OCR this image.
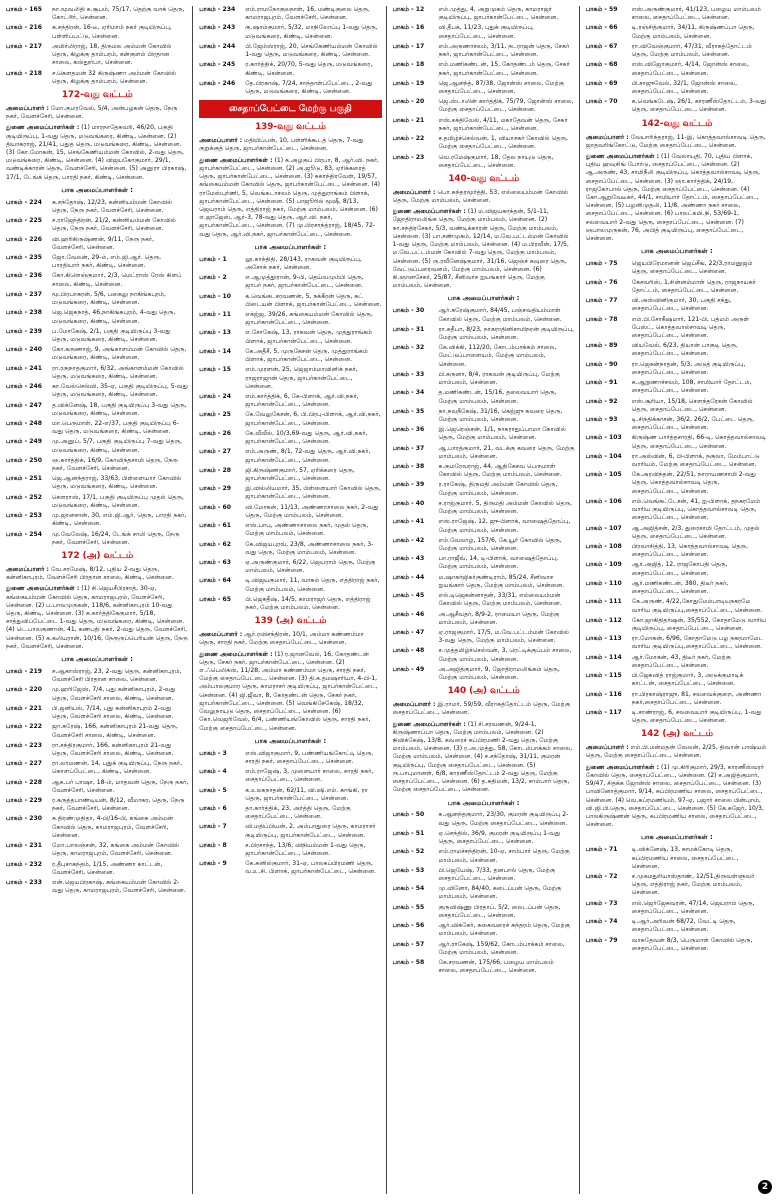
பாகம் - 165	நா.மூவலிதி சு.சூபம், 75/17, தெற்கு வாக் தெரு, கோட்டூர், சென்னை.
பாகம் - 216	க.சந்திரன், 16-டீ, ஏரிமாம் நகர் குடியிருப்பு, பள்ளிப்பட்டு, சென்னை.
பாகம் - 217	அமிர்லிராஜ், 18, திருமல அம்மன் கோவில் தெரு, கிழக்கு தாம்பரம், கன்குளம் பிரதான சாலை, கஸ்தூர்பா, சென்னை.
பாகம் - 218	ச.கௌதமன் 32 கிருஷ்ணா அம்மன் கோவில் தெரு, கிழக்கு தாம்பரம், சென்னை.
172-வது வட்டம்
அமைப்பாளர் : மோ.குமரவேல், 5/4, அன்பழகன் தெரு, நேரு நகர், வேளச்சேரி, சென்னை.
துணை அமைப்பாளர்கள் : (1) மாரநாதேசுவரி, 46/20, பகுதி குடியிருப்பு, 1-வது தெரு, மடுவங்கரை, கிண்டி, சென்னை. (2) தியாகராஜ், 21/41, பதுத தெரு, மடுவங்கரை, கிண்டி, சென்னை. (3) கோ.மோகன், 15, செங்கேணியம்மன் கோவில், 2-வது தெரு, மடுவங்கரை, கிண்டி, சென்னை. (4) விஜயகோகுமார், 29/1, வண்டிக்காரன் தெரு, வேளச்சேரி, சென்னை. (5) அனுரா பிரகாஷ், 17/1, டேங்க் தெரு, பாரதி நகர், கிண்டி, சென்னை.
பாக அமைப்பாளர்கள் :
பாகம் - 224	க.சந்தோஷ், 12/23, கன்னியம்மன் கோவில் தெரு, நேரு நகர், வேளச்சேரி, சென்னை.
பாகம் - 225	ச.ராஜேந்திரன், 21/2, கன்னியம்மன் கோவில் தெரு, நேரு நகர், வேளச்சேரி, சென்னை.
பாகம் - 226	வி.ஹரிகிருஷ்ணன், 9/11, நேரு நகர், வேளச்சேரி, சென்னை.
பாகம் - 235	ஜோ.வேலன், 29-ம், எம்.ஜி.ஆர். தெரு, பாரதியார் நகர், கிண்டி, சென்னை.
பாகம் - 236	கோ.கிளெஞ்குமார், 2/3, மெட்ராஸ் ரேஸ் கிளப் சாலை, கிண்டி, சென்னை.
பாகம் - 237	மூ.பிரபாகரன், 5/6, பகைலு நாகிங்கபுரம், மடுவங்கரை, கிண்டி, சென்னை.
பாகம் - 238	ஜெ.ஜெகநாத், 46,நாகிங்கபுரம், 4-வது தெரு, மடுவங்கரை, கிண்டி, சென்னை.
பாகம் - 239	ப.மோகேஷ், 2/1, பகுதி குடியிருப்பு 3-வது தெரு, மடுவங்கரை, கிண்டி, சென்னை.
பாகம் - 240	கோ.கருணாஜ், 9, அங்காளம்மன் கோவில் தெரு, மடுவங்கரை, கிண்டி, சென்னை.
பாகம் - 241	ரா.ரகுநாதகுமார், 6/32, அங்காளம்மன் கோவில் தெரு, மடுவங்கரை, கிண்டி, சென்னை.
பாகம் - 246	கா.வேல்செல்வி, 35-ஏ, பகுதி குடியிருப்பு, 5-வது தெரு, மடுவங்கரை, கிண்டி, சென்னை.
பாகம் - 247	த.விக்னேஷ், 18, பகுதி குடியிருப்பு 3-வது தெரு, மடுவங்கரை, கிண்டி, சென்னை.
பாகம் - 248	மா.பெருமாள், 22-எ/37, பகுதி குடியிருப்பு 6-வது தெரு, மடுவங்கரை, கிண்டி, சென்னை.
பாகம் - 249	மு.அனுப், 5/7, பகுதி குடியிருப்பு 7-வது தெரு, மடுவங்கரை, கிண்டி, சென்னை.
பாகம் - 250	ஞ.கார்த்திக், 16/9, கோவிந்தசாமி தெரு, நேரு நகர், வேளச்சேரி, சென்னை.
பாகம் - 251	ஜெ.ஆனந்தராஜ், 33/63, பிள்ளையார் கோவில் தெரு, மடுவங்கரை, கிண்டி, சென்னை.
பாகம் - 252	சௌராஸ், 17/1, பகுதி குடியிருப்பு முதல் தெரு, மடுவங்கரை, கிண்டி, சென்னை.
பாகம் - 253	மு.ஜானசான், 30, எம்.ஜி.ஆர். தெரு, பாரதி நகர், கிண்டி, சென்னை.
பாகம் - 254	மு.வேலேஷ், 16/24, டேங்க் சாலி தெரு, நேரு நகர், வேளச்சேரி, சென்னை.
172 (அ) வட்டம்
அமைப்பாளர் : வே.சாமேஷ், 8/12, புதிய 2-வது தெரு, கன்னிகாபுரம், வேளச்சேரி பிரதான சாலை, கிண்டி, சென்னை.
துணை அமைப்பாளர்கள் : (1) சி.ஜெயசீபிரசாத், 30-ஏ, கங்கையம்மன் கோவில் தெரு, காமராஜபுரம், வேளச்சேரி, சென்னை. (2) ப.பாலமுருகன், 118/6, கன்னிகாபுரம் 10-வது தெரு, கிண்டி, சென்னை. (3) சு.கார்த்திகேகுமார், 5/18, சாத்துவிப்பேட்டை 1-வது தெரு, மடுவங்கரை, கிண்டி, சென்னை. (4) டெ.பாலகுணான், 41, கணபதி நகர், 2-வது தெரு, வேளச்சேரி, சென்னை. (5) க.கலியரான், 10/16, நேரூருப்பெரியன் தெரு, நேரு நகர், வேளச்சேரி, சென்னை.
பாக அமைப்பாளர்கள் :
பாகம் - 219	ச.ஆகாஸ்ராஜ், 23, 2-வது தெரு, கன்னிகாபுரம், வேளச்சேரி பிரதான சாலை, சென்னை.
பாகம் - 220	மு.ஹரிஜேஸ், 7/4, புது கன்னிகாபுரம், 2-வது தெரு, வேளச்சேரி சாலை, கிண்டி, சென்னை.
பாகம் - 221	பி.ஜனியல், 7/14, புது கன்னிகாபுரம் 2-வது தெரு, வேளச்சேரி சாலை, கிண்டி, சென்னை.
பாகம் - 222	ஜா.சுரேஷ், 166, கன்னிகாபுரம் 21-வது தெரு, வேளச்சேரி சாலை, கிண்டி, சென்னை.
பாகம் - 223	ரா.சந்திரகுமார், 166, கன்னிகாபுரம் 21-வது தெரு, வேளச்சேரி சாலை, கிண்டி, சென்னை.
பாகம் - 227	ரா.லாமணன், 14, புதுக் குடியிருப்பு, நேரு நகர், கொளப்பேட்டை, கிண்டி, சென்னை.
பாகம் - 228	ஆக.பர் பாஷா, 18-ம், மாதவன் தெரு, நேரு நகர், வேளச்சேரி, சென்னை.
பாகம் - 229	ர.கருத்தபாண்டியன், 8/12, வீமாகர, தெரு, நேரு நகர், வேளச்சேரி, சென்னை.
பாகம் - 230	சு.திரண்முதிதா, 4-பி/16-பி, கங்கை அம்மன் கோவில் தெரு, காமராஜபுரம், வேளச்சேரி, சென்னை.
பாகம் - 231	மோ.பாலஞ்சன், 32, கங்கை அம்மன் கோவில் தெரு, காமராஜபுரம், வேளச்சேரி, சென்னை.
பாகம் - 232	ர.தீபுசாகந்தம், 1/15, அண்ணா காட்டன், வேளச்சேரி, சென்னை.
பாகம் - 233	என்.ஜெயபிரகாஷ், கங்கையம்மன் கோவில் 2-வது தெரு, காமராஜபுரம், வேளச்சேரி, சென்னை.
பாகம் - 234	எம்.ராமநோகுலநாள், 16, மண்டிகுலை தெரு, காமராஜபுரம், வேளச்சேரி, சென்னை.
பாகம் - 243	கு.ஷாம்குமார், 5/32, மாநிலோப்பு 1-வது தெரு, மடுவங்கரை, கிண்டி, சென்னை.
பாகம் - 244	பி.ஜேம்ஸ்ராஜ், 20, செங்கேணியம்மன் கோவில் 1-வது தெரு, மடுவங்கரை, கிண்டி, சென்னை.
பாகம் - 245	ர.கார்த்திக், 20/70, 5-வது தெரு, மடுவங்கரை, கிண்டி, சென்னை.
பாகம் - 246	தே.பிரகாஷ், 7/24, சாந்தாள்ப்பேட்டை, 2-வது தெரு, மடுவங்கரை, கிண்டி, சென்னை.
சைதாப்பேட்டை மேற்கு பகுதி
139-வது வட்டம்
அமைப்பாளர் : மதியிப்பன், 10, பள்ளிக்கூடத் தெரு, 7-வது குறுக்குத் தெரு, ஜாபர்கான்பேட்டை, சென்னை.
துணை அமைப்பாளர்கள் : (1) க.அழகுப் பிரபா, 8, ஆர்.வி. நகர், ஜாபர்கான்பேட்டை, சென்னை. (2) அ.ஜூடு, 83, ஏரிக்கரைத் தெரு, ஜாபர்கான்பேட்டை, சென்னை. (3) சுகாந்திரவேள், 19/57, கங்கையம்மன் கோவில் தெரு, ஜாபர்கான்பேட்டை, சென்னை. (4) ராமேஸ்புர்ணி, 5, வெங்கடாசலம் தெரு, முத்துராங்கம் பிளாக், ஜாபர்கான்பேட்டை, சென்னை. (5) பாஜூரில் மூஷீ, 8/13, ஜெயராம் தெரு, எத்திராஜ் நகர், மேற்கு மாம்பலம், சென்னை. (6) எ.ஜாஜேஸ், ஆர்-3, 78-வது தெரு, ஆர்.வி. நகர், ஜாபர்கான்பேட்டை, சென்னை. (7) மு.பிரசாந்த்ராஜ், 18/45, 72-வது தெரு, ஆர்.வி.நகர், ஜாபர்கான்பேட்டை, சென்னை.
பாக அமைப்பாளர்கள் :
பாகம் - 1	லூ.காந்திதி, 28/143, ராகவன் குடியிருப்பு, அசோக் நகர், சென்னை.
பாகம் - 2	எ.ஆமுத்தூரான், 9-பி, தெய்வமும்பி தெரு, ஜாபர் நகர், ஜாபர்கான்பேட்டை, சென்னை.
பாகம் - 10	க.வெங்கடசரவணன், 5, நக்கீரன் தெரு, கட் பிடையன் பிளாக், ஜாபர்கான்பேட்டை, சென்னை.
பாகம் - 11	எக்ஜ்ஜ, 39/26, கங்கையம்மன் கோவில் தெரு, ஜாபர்கான்பேட்டை, சென்னை.
பாகம் - 13	எ.சோகேஷ், 13, ராகவன் தெரு, முத்துராங்கம் பிளாக், ஜாபர்கான்பேட்டை, சென்னை.
பாகம் - 14	கே.அதீசீ, 5, முருகேசன் தெரு, முத்துராங்கம் பிளாக், ஜாபர்கான்பேட்டை, சென்னை.
பாகம் - 15	எம்.முரளன், 25, ஜெஜாம்மாவினிக் நகர், ராஜராஜான் தெரு, ஜாபர்கான்பேட்டை, சென்னை.
பாகம் - 24	எம்.கார்த்திக், 6, கே-பிளாக், ஆர்.வி.நகர், ஜாபர்கான்பேட்டை, சென்னை.
பாகம் - 25	கே.வேலுகேசன், 6, பி.பிரபு-பிளாக், ஆர்.வி.நகர், ஜாபர்கான்பேட்டை, சென்னை.
பாகம் - 26	கே.வீவீல், 10/3,69-வது தெரு, ஆர்.வி.நகர், ஜாபர்கான்பேட்டை, சென்னை.
பாகம் - 27	எம்.அருண், 8/1, 72-வது தெரு, ஆர்.வி.நகர், ஜாபர்கான்பேட்டை, சென்னை.
பாகம் - 28	ஜி.கிருஷ்ணகுமார், 57, ஏரிக்கரை தெரு, ஜாபர்கான்பேட்டை, சென்னை.
பாகம் - 29	இ.வில்லியமார், 35, பிள்ளையார் கோவில் தெரு, ஜாபர்கான்பேட்டை, சென்னை.
பாகம் - 60	வி.மோகன், 11/13, அண்ணாசாலை நகர், 2-வது தெரு, மேற்கு மாம்பலம், சென்னை.
பாகம் - 61	எஸ்.பாபு, அண்ணாசாலை நகர், முதல் தெரு, மேற்கு மாம்பலம், சென்னை.
பாகம் - 62	கே.விஜயபுரவ், 23/8, அண்ணாசாலை நகர், 3-வது தெரு, மேற்கு மாம்பலம், சென்னை.
பாகம் - 63	ஏ.அருண்குமார், 6/22, ஜெயராம் தெரு, மேற்கு மாம்பலம், சென்னை.
பாகம் - 64	டி.விஜயகுமார், 11, வாகம் தெரு, எத்திராஜ் நகர், மேற்கு மாம்பலம், சென்னை.
பாகம் - 65	பி.ஜெகதீஷ், 14/5, காமராஜர் தெரு, எத்திராஜ் நகர், மேற்கு மாம்பலம், சென்னை.
139 (அ) வட்டம்
அமைப்பாளர் : ஆர்.ரவிசந்திரன், 10/1, அம்மா கண்ணம்மா தெரு, சாரதி நகர், மேற்கு சைதாப்பேட்டை, சென்னை.
துணை அமைப்பாளர்கள் : (1) ர.ஜானவேல், 16, கோதண்டன் தெரு, சேகர் நகர், ஜாபர்கான்பேட்டை, சென்னை. (2) எ.ஃபெலிக்ஸ், 11/28, அம்மா கண்ணம்மா தெரு, சாரதி நகர், மேற்கு சைதாப்பேட்டை, சென்னை. (3) தி.க.தமஷாரியா, 4-பி-1, அம்பாலகுமார தெரு, காமராசர் குடியிருப்பு, ஜாபர்கான்பேட்டை, சென்னை. (4) ஜி.ஜீவா, 8, கோதண்டன் தெரு, சேகர் நகர், ஜாபர்கான்பேட்டை, சென்னை. (5) வெங்கிசேகேஷ், 18/32, வேலுநாயுடு தெரு, சைதாப்பேட்டை, சென்னை. (6) கோ.வெஜரிவேல், 6/4, பண்ணியங்கோவில் தெரு, சாரதி நகர், மேற்கு சைதாப்பேட்டை, சென்னை.
பாக அமைப்பாளர்கள் :
பாகம் - 3	எஸ்.விஜாகுமார், 9, பண்ணியங்கோட்டி தெரு, சாரதி நகர், சைதாப்பேட்டை, சென்னை.
பாகம் - 4	எம்.ராஜேஷ், 3, முளையார் சாலை, சாரதி நகர், சைதாப்பேட்டை, சென்னை.
பாகம் - 5	க.உலகநாதன், 62/11, வி.ஷி.எம். காங்கி, ரா தெரு, ஜாபர்கான்பேட்டை, சென்னை.
பாகம் - 6	தா.கார்த்திக், 23, அர்த்தி தெரு, மேற்கு சைதாப்பேட்டை, சென்னை.
பாகம் - 7	வி.மதிப்பியன், 2, அம்பாதுரை தெரு, காமராசர் குடியிருப்பு, ஜாபர்கான்பேட்டை, சென்னை.
பாகம் - 8	ச.பிரசாந்த், 13/6, விநியம்மன் 1-வது தெரு, ஜாபர்கான்பேட்டை, சென்னை.
பாகம் - 9	கே.சுனில்குமார், 31-ஏ, பாலகப்பிரமணி தெரு, வ.உ.சி. பிளாக், ஜாபர்கான்பேட்டை, சென்னை.
பாகம் - 12	எம்.முத்து, 4, அறுமுகம் தெரு, காமராஜர் குடியிருப்பு, ஜாபர்கான்பேட்டை, சென்னை.
பாகம் - 16	வி.தீபக், 11/23, புதுக் குடியிருப்பு, சைதாப்பேட்டை, சென்னை.
பாகம் - 17	எம்.அருணாசலம், 3/11, நடராஜன் தெரு, சேகர் நகர், ஜாபர்கான்பேட்டை, சென்னை.
பாகம் - 18	எம்.மணிகண்டன், 15, கோதண்டம் தெரு, சேகர் நகர், ஜாபர்கான்பேட்டை, சென்னை.
பாகம் - 19	ஜெ.ஆனந்த், 87/38, ஜோன்ஸ் சாலை, மேற்கு சைதாப்பேட்டை, சென்னை.
பாகம் - 20	ஜெ.ஸ்டாலின் கார்த்திக், 75/79, ஜோன்ஸ் சாலை, மேற்கு சைதாப்பேட்டை, சென்னை.
பாகம் - 21	எஸ்.சக்திவேல், 4/11, மகாதேவன் தெரு, சேகர் நகர், ஜாபர்கான்பேட்டை, சென்னை.
பாகம் - 22	ச.தமிழ்ச்செல்வன், 1, வியாசகர் கோவில் தெரு, மேற்கு சைதாப்பேட்டை, சென்னை.
பாகம் - 23	வெ.ரமேஷ்குமார், 18, தேல நாயுடு தெரு, சைதாப்பேட்டை, சென்னை.
140-வது வட்டம்
அமைப்பாளர் : பொ.சுந்தரமூர்த்தி, 53, எல்லையம்மன் கோவில் தெரு, மேற்கு மாம்பலம், சென்னை.
துணை அமைப்பாளர்கள் : (1) ம.விஜயகாந்தன், 5/1-11, ஜோதிராமலிங்க தெரு, மேற்கு மாம்பலம், சென்னை. (2) நா.சந்திரசேகர், 5/3, வண்டிக்காரன் தெரு, மேற்கு மாம்பலம், சென்னை. (3) பா.சண்முகம், 12/14, ம.வே.பட்டம்மன் கோவில் 1-வது தெரு, மேற்கு மாம்பலம், சென்னை. (4) ம.பிரவீன், 17/5, ம.வே.பட்டம்மன் கோவில் 7-வது தெரு, மேற்கு மாம்பலம், சென்னை. (5) ரு.ரவீனேஷ்குமார், 31/16, ஜெஞ்ச் கவுரை தெரு, வேட்டுப்பரைவனம், மேற்கு மாம்பலம், சென்னை. (6) கி.ஞானசேகர், 25/87, சீனிவாச ஐயங்கார் தெரு, மேற்கு மாம்பலம், சென்னை.
பாக அமைப்பாளர்கள் :
பாகம் - 30	ஆர்.சுரேஷ்குமார், 84/45, பஞ்சவதியம்மாள் கோவில் தெரு, மேற்கு மாம்பலம், சென்னை.
பாகம் - 31	ரா.சுதீபா, 8/23, நாகராதினிசாமிநரன் குடியிருப்பு, மேற்கு மாம்பலம், சென்னை.
பாகம் - 32	கே.விக்கி, 112/20, கோடம்பாக்கம் சாலை, மேட்டுப்பாளையம், மேற்கு மாம்பலம், சென்னை.
பாகம் - 33	பி.கருனா, 8/4, ராகவன் குடியிருப்பு, மேற்கு மாம்பலம், சென்னை.
பாகம் - 34	த.மணிகண்டன், 15/16, தலைவயார் தெரு, மேற்கு மாம்பலம், சென்னை.
பாகம் - 35	நா.நவநீகேஷ், 31/16, கெஜ்ஜு கவரை தெரு, மேற்கு மாம்பலம், சென்னை.
பாகம் - 36	இ.ஜெரெஞ்சன், 1/1, நாகராதுப்பாமா கோவில் தெரு, மேற்கு மாம்பலம், சென்னை.
பாகம் - 37	ஆ.பாரத்குமார், 21, வடக்கு கவரை தெரு, மேற்கு மாம்பலம், சென்னை.
பாகம் - 38	க.குமரேவராஜ், 44, ஆதிகேசவ பெருமாள் கோவில் தெரு, மேற்கு மாம்பலம், சென்னை.
பாகம் - 39	ர.ராகேஷ், திருமதி அம்மன் கோவில் தெரு, மேற்கு மாம்பலம், சென்னை.
பாகம் - 40	ச.ராஜ்குமார், 5, திருமதி அம்மன் கோவில் தெரு, மேற்கு மாம்பலம், சென்னை.
பாகம் - 41	எஸ்.ராஜேஷ், 12, ஜு-பிளாக், வாஷைத்தோப்பு, மேற்கு மாம்பலம், சென்னை.
பாகம் - 42	எம்.வேலாழ், 157/6, கே.யூர் கோவில் தெரு, மேற்கு மாம்பலம், சென்னை.
பாகம் - 43	பா.ராஜீவ், 14, டி-பிளாக், வாஷைத்தோப்பு, மேற்கு மாம்பலம், சென்னை.
பாகம் - 44	ம.ஷாகர்ஜிகர்குண்டிராம், 85/24, சீனிவாச ஐயங்கார் தெரு, மேற்கு மாம்பலம், சென்னை.
பாகம் - 45	எல்.டிஜெகன்னாதன், 33/31, எல்லையம்மன் கோவில் தெரு, மேற்கு மாம்பலம், சென்னை.
பாகம் - 46	அ.ஆசீவதர், 8/9-2, ராமையா தெரு, மேற்கு மாம்பலம், சென்னை.
பாகம் - 47	ஏ.ராஜகுமார், 17/5, ம.வே.பட்டம்மன் கோவில் 3-வது தெரு, மேற்கு மாம்பலம், சென்னை.
பாகம் - 48	ச.முத்தமிழ்ச்செல்வன், 3, ரெட்டிக்குப்பம் சாலை, மேற்கு மாம்பலம், சென்னை.
பாகம் - 49	அ.அஜித்குமார், 9, ஜோதிராமலிங்கம் தெரு, மேற்கு மாம்பலம், சென்னை.
140 (அ) வட்டம்
அமைப்பாளர் : இ.ராமர், 59/59, வீராசுத்தோட்டம் தெரு, மேற்கு சைதாப்பேட்டை, சென்னை.
துணை அமைப்பாளர்கள் : (1) சி.சரவணன், 9/24-1, கிருஷ்ணாப்பா தெரு, மேற்கு மாம்பலம், சென்னை. (2) நிவிக்கேஷ், 13/8, கவரைச் சுப்பிரமணி 2-வது தெரு, மேற்கு மாம்பலம், சென்னை. (3) ர.அ.முத்து, 58, கோடம்பாக்கம் சாலை, மேற்கு மாம்பலம், சென்னை. (4) ச.சந்தோஷ், 31/11, குமரன் குடியிருப்பு, மேற்கு சைதாப்பேட்டை, சென்னை. (5) ரு.பாபுமானள், 6/8, காரணீஸ்தோட்டம் 2-வது தெரு, மேற்கு சைதாப்பேட்டை, சென்னை. (6) த.சுதிமன், 13/2, சாம்பார் தெரு, மேற்கு சைதாப்பேட்டை, சென்னை.
பாக அமைப்பாளர்கள் :
பாகம் - 50	க.ஆனந்தகுமார், 23/30, குமரன் குடியிருப்பு 2-வது தெரு, மேற்கு சைதாப்பேட்டை, சென்னை.
பாகம் - 51	ஏ.செந்தில், 36/9, குமரன் குடியிருப்பு 1-வது தெரு, சைதாப்பேட்டை, சென்னை.
பாகம் - 52	எம்.ராமச்சந்திரன், 10-ஏ, சாம்பார் தெரு, மேற்கு மாம்பலம், சென்னை.
பாகம் - 53	பி.ஜெயேஷ், 7/33, தனபால் தெரு, மேற்கு சைதாப்பேட்டை, சென்னை.
பாகம் - 54	மு.வினோ, 84/40, சுடைப்பன் தெரு, மேற்கு மாம்பலம், சென்னை.
பாகம் - 55	குருவிஷ்ணு பிரதாப், 5/2, லைடப்பன் தெரு, சைதாப்பேட்டை, சென்னை.
பாகம் - 56	ஆர்.விக்கேர், சுகைவரைச் சுந்தரம் தெரு, மேற்கு மாம்பலம், சென்னை.
பாகம் - 57	ஆர்.ராகேஷ், 159/62, கோடம்பாக்கம் சாலை, மேற்கு மாம்பலம், சென்னை.
பாகம் - 58	கே.சரவணன், 175/66, பழைய மாம்பலம் சாலை, சைதாப்பேட்டை, சென்னை.
பாகம் - 59	எஸ்.அருண்குமார், 41/123, பழைய மாம்பலம் சாலை, சைதாப்பேட்டை, சென்னை.
பாகம் - 66	டி.ரஞ்சித்குமார், 34/11, கிருஷ்ணப்பா தெரு, மேற்கு மாம்பலம், சென்னை.
பாகம் - 67	ரா.விவேஞ்குமார், 47/31, வீராசுத்தோட்டம் தெரு, மேற்கு மாம்பலம், சென்னை.
பாகம் - 68	எஸ்.விஜோகுமார், 4/14, ஜோன்ஸ் சாலை, சைதாப்பேட்டை, சென்னை.
பாகம் - 69	பி.சாஜுவேல், 32/1, ஜோன்ஸ் சாலை, சைதாப்பேட்டை, சென்னை.
பாகம் - 70	க.வெங்கடேஷ், 26/1, காரணீஸ்தோட்டம், 3-வது தெரு, சைதாப்பேட்டை, சென்னை.
142-வது வட்டம்
அமைப்பாளர் : வேயாரிந்தராஜ், 11-இ, கொத்தவால்சாவடி தெரு, ஜாதவரிங்கோட்டு, மேற்கு சைதாப்பேட்டை, சென்னை.
துணை அமைப்பாளர்கள் : (1) வேலாயுதி, 70, புதிய பிளாக், புதிய ஹவுசிங் போர்டு, சைதாப்பேட்டை, சென்னை. (2) ஆ.அருண், 43, சாமிநீலி குடியிருப்பு, கொத்தவால்சாவடி தெரு, சைதாப்பேட்டை, சென்னை. (3) ஞா.கார்த்திக், 24/19, ராஜகோபால் தெரு, மேற்கு சைதாப்பேட்டை, சென்னை. (4) கோ.ஆறுவேடீசுர், 44/1, சாமியார் தோட்டம், சைதாப்பேட்டை, சென்னை. (5) பழனிமுதலி, 11/8, அண்ணா நகர் சாலை, சைதாப்பேட்டை, சென்னை. (6) பாலட்சுமி.நி, 53/69-1, சலவையார் 2-வது தெரு, சைதாப்பேட்டை, சென்னை. (7) ஞபாலமுருகன், 76, அபித் குடியிருப்பு, சைதாப்பேட்டை, சென்னை.
பாக அமைப்பாளர்கள் :
பாகம் - 75	ஜெயபிரேமானன் ஜெப்சீங், 22/3,ராமனுஜம் தெரு, சைதாப்பேட்டை, சென்னை.
பாகம் - 76	கேசவரிஸ், 1,சின்னம்மாள் தெரு, ராஜநாயகர் தோட்டம், சைதாப்பேட்டை, சென்னை.
பாகம் - 77	வி.அஸ்வினிகுமார், 30, பகுதி சந்து, சைதாப்பேட்டை, சென்னை.
பாகம் - 78	எம்.பி.சோகீஷமார், 121-பி, பத்மம் அருள் பேஸ்ட், கொத்தவால்சாவடி தெரு, சைதாப்பேட்டை, சென்னை.
பாகம் - 89	வியவேல், 6/23, தியான் பாகுடி தெரு, சைதாப்பேட்டை, சென்னை.
பாகம் - 90	ரா.ஜெகன்நாதன், 5/3, அடுத் குடியிருப்பு, சைதாப்பேட்டை, சென்னை.
பாகம் - 91	க.ஆறுணாச்சலம், 108, சாமியார் தோட்டம், சைதாப்பேட்டை, சென்னை.
பாகம் - 92	எஸ்.சூரியா, 15/18, செளந்தரேசன் கோவில் தெரு, சைதாப்பேட்டை, சென்னை.
பாகம் - 93	டி.சிந்திக்காசன், 36/2, 26/2, பேட்டை தெரு, சைதாப்பேட்டை, சென்னை.
பாகம் - 103	கிருஷ்ண பார்த்தசாரதி, 66-டி, கொத்தவால்சாவடி தெரு, சைதாப்பேட்டை, சென்னை.
பாகம் - 104	ரா.அல்வின், 6, பி-பிளாக், நகுலா, மேம்பாட்டு வாரியம், மேற்கு சைதாப்பேட்டை, சென்னை.
பாகம் - 105	கே.அரவிந்தன், 22/51, நாராயணசாமி 2-வது தெரு, கொத்தவால்சாவடி தெரு, சைதாப்பேட்டை, சென்னை.
பாகம் - 106	எம்.வெங்கட்டேசன், 41, ஐ-பிளாக், தநகரமேம் வாரிய குடியிருப்பு, கொத்தவால்சாவடி தெரு, சைதாப்பேட்டை, சென்னை.
பாகம் - 107	ஆ.அஜித்சன், 2/3, துரைசாமி தோட்டம், முதல் தெரு, சைதாப்பேட்டை, சென்னை.
பாகம் - 108	பிரவாசித்தி, 13, கொத்தவால்சாவடி தெரு, சைதாப்பேட்டை, சென்னை.
பாகம் - 109	ஆர்.அஜித், 12, ராஜகோபதி தெரு, சைதாப்பேட்டை, சென்னை.
பாகம் - 110	ஆர்.மணிகண்டன், 380, திடீர் நகர், சைதாப்பேட்டை, சென்னை.
பாகம் - 111	கே.அருண், 4/22,கோதுமேம்பாடியநகரமே வாரிய குடியிருப்பு,சைதாப்பேட்டை, சென்னை.
பாகம் - 112	கோ.ஜாகிதிதர்ஷன், 35/552, கோதாமேடு வாரிய குடியிருப்பு, சைதாப்பேட்டை, சென்னை.
பாகம் - 113	ரா.மோகன், 6/96, கோதாமேடு பழ நகரமாமேட வாரிய குடியிருப்பு,சைதாப்பேட்டை, சென்னை.
பாகம் - 114	ஆர்.மோகன், 43, திடீர் நகர், மேற்கு சைதாப்பேட்டை, சென்னை.
பாகம் - 115	பி.ஜேசுவித் ராஜ்குமார், 3, அடுக்குமாடிக் காட்டன், சைதாப்பேட்டை, சென்னை.
பாகம் - 116	ரா.பிரகாஷ்ராஜு, 81, சலவைக்குறை, அண்ணா நகர்,சைதாப்பேட்டை, சென்னை.
பாகம் - 117	டி.சாண்ராஜ், 6, சலவையார் குடியிருப்பு, 1-வது தெரு, சைதாப்பேட்டை, சென்னை.
142 (அ) வட்டம்
அமைப்பாளர் : எம்.பி.மன்மதன் வேலன், 2/25, திவான் பாஷ்யம் தெரு, மேற்கு சைதாப்பேட்டை, சென்னை.
துணை அமைப்பாளர்கள் : (1) மு.கிரிகுமார், 29/3, காரணீஸ்வரர் கோவில் தெரு, சைதாப்பேட்டை, சென்னை. (2) ச.அஜித்குமார், 59/47, சிதக்க ஜோன்ஸ் சாலை, சைதாப்பேட்டை, சென்னை. (3) பாவினோத்குமார், 9/14, சுப்பிரமணிய சாலை, சைதாப்பேட்டை, சென்னை. (4) வெ.சுப்ரமணியம், 97-ஏ, பஜார் சாலை பின்புறம், வி.ஜி.பி.தெரு, சைதாப்பேட்டை, சென்னை. (5) கே.கஜேர், 10/3, பாலகிருஷ்ணன் தெரு, சுப்பிரமணிய சாலை, சைதாப்பேட்டை, சென்னை.
பாக அமைப்பாளர்கள் :
பாகம் - 71	டி.விக்னேஷ், 13, காமக்கோடி தெரு, சுப்பிரமணிய சாலை, சைதாப்பேட்டை, சென்னை.
பாகம் - 72	ச.முகமதுரியாஸ்தாண், 12/51,திருவள்ளுவர் தெரு, எத்திராஜ் நகர், மேற்கு மாம்பலம், சென்னை.
பாகம் - 73	எல்.ஜெர்ஜேசுவரன், 47/14, ஜெயராம் தெரு, சைதாப்பேட்டை, சென்னை.
பாகம் - 74	டி.ஆர்.அரிவன் 68/72, வேட்டி தெரு, சைதாப்பேட்டை, சென்னை.
பாகம் - 79	வாசுதேவன் 8/3, பெருமாள் கோவில் தெரு, சைதாப்பேட்டை, சென்னை.
2
